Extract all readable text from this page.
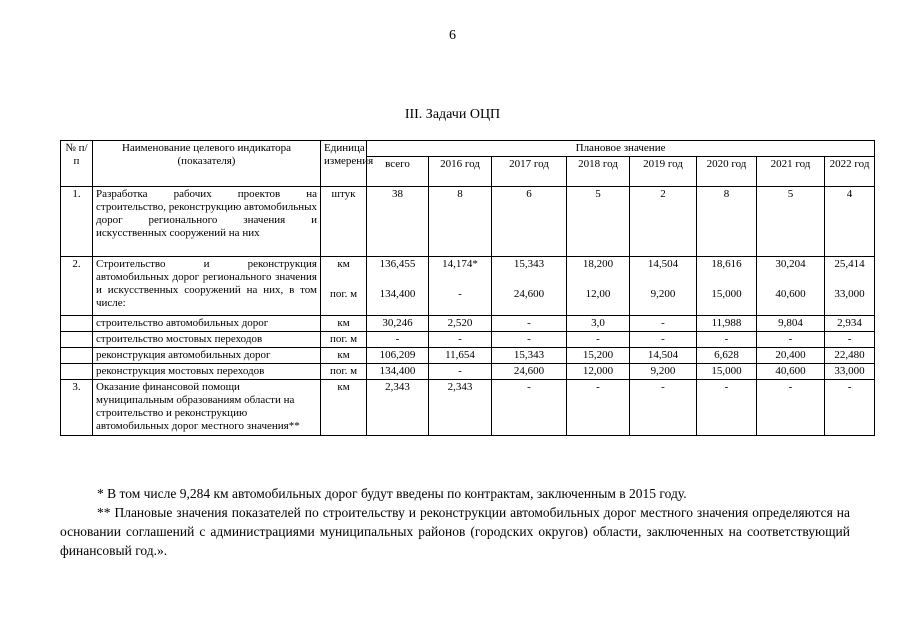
6
III. Задачи ОЦП
№ п/п	Наименование целевого индикатора (показателя)	Единица измерения	Плановое значение							
			всего	2016 год	2017 год	2018 год	2019 год	2020 год	2021 год	2022 год
1.	Разработка рабочих проектов на строительство, реконструкцию автомобильных дорог регионального значения и искусственных сооружений на них	штук	38	8	6	5	2	8	5	4
2.	Строительство и реконструкция автомобильных дорог регионального значения и искусственных сооружений на них, в том числе:	км	136,455	14,174*	15,343	18,200	14,504	18,616	30,204	25,414
		пог. м	134,400	-	24,600	12,00	9,200	15,000	40,600	33,000
	строительство автомобильных дорог	км	30,246	2,520	-	3,0	-	11,988	9,804	2,934
	строительство мостовых переходов	пог. м	-	-	-	-	-	-	-	-
	реконструкция автомобильных дорог	км	106,209	11,654	15,343	15,200	14,504	6,628	20,400	22,480
	реконструкция мостовых переходов	пог. м	134,400	-	24,600	12,000	9,200	15,000	40,600	33,000
3.	Оказание финансовой помощи муниципальным образованиям области на строительство и реконструкцию автомобильных дорог местного значения**	км	2,343	2,343	-	-	-	-	-	-

* В том числе 9,284 км автомобильных дорог будут введены по контрактам, заключенным в 2015 году.

** Плановые значения показателей по строительству и реконструкции автомобильных дорог местного значения определяются на основании соглашений с администрациями муниципальных районов (городских округов) области, заключенных на соответствующий финансовый год.».
